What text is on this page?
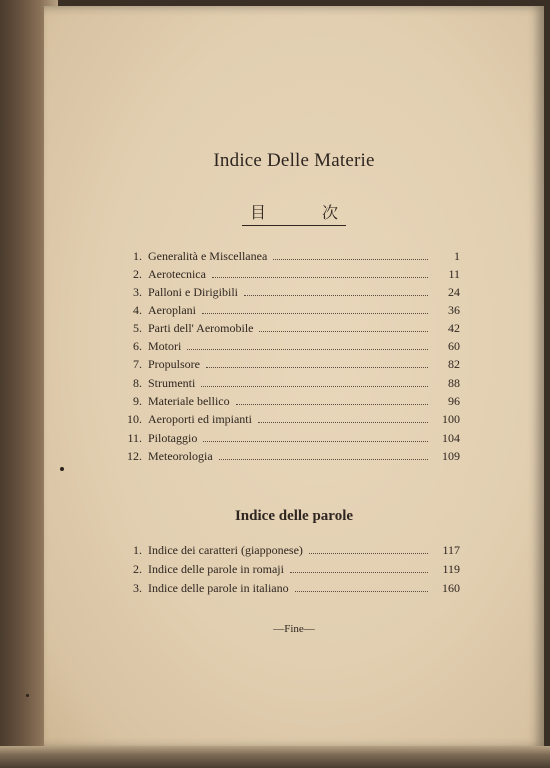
Indice Delle Materie
目	次
1. Generalità e Miscellanea	1
2. Aerotecnica	11
3. Palloni e Dirigibili	24
4. Aeroplani	36
5. Parti dell' Aeromobile	42
6. Motori	60
7. Propulsore	82
8. Strumenti	88
9. Materiale bellico	96
10. Aeroporti ed impianti	100
11. Pilotaggio	104
12. Meteorologia	109
Indice delle parole
1. Indice dei caratteri (giapponese)	117
2. Indice delle parole in romaji	119
3. Indice delle parole in italiano	160
—Fine—
